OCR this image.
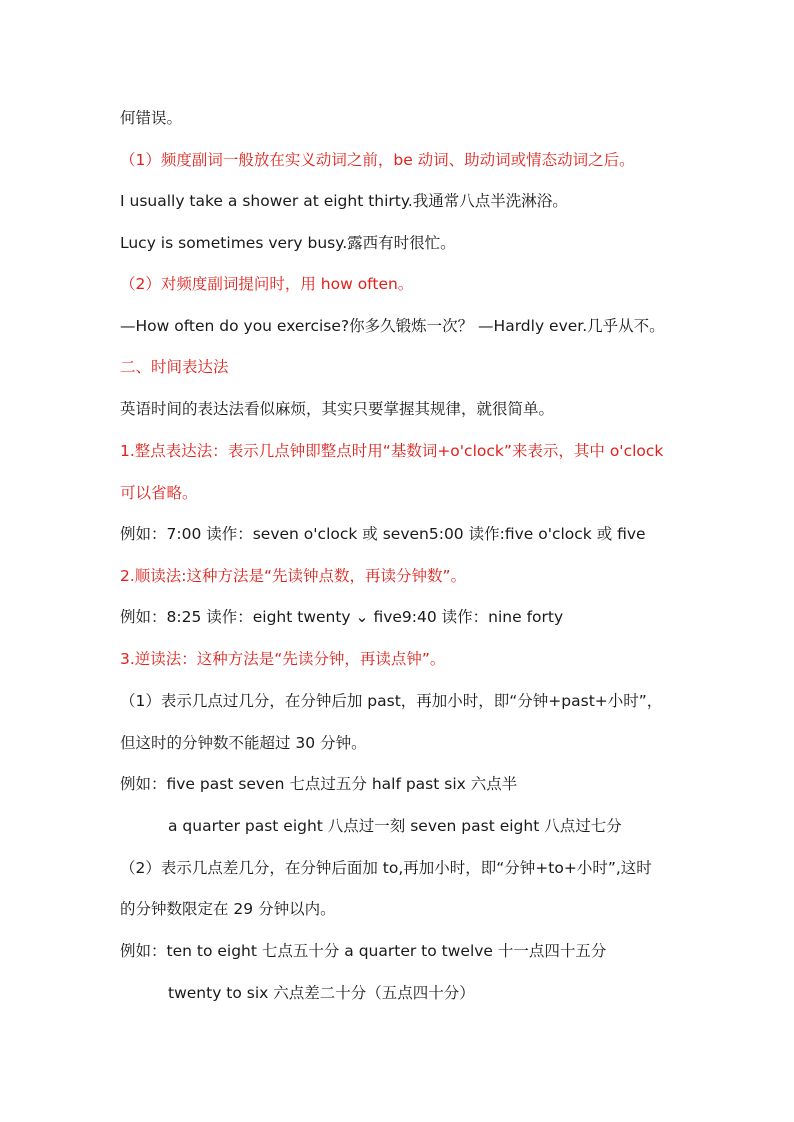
何错误。
（1）频度副词一般放在实义动词之前，be 动词、助动词或情态动词之后。
I usually take a shower at eight thirty.我通常八点半洗淋浴。
Lucy is sometimes very busy.露西有时很忙。
（2）对频度副词提问时，用 how often。
—How often do you exercise?你多久锻炼一次？ —Hardly ever.几乎从不。
二、时间表达法
英语时间的表达法看似麻烦，其实只要掌握其规律，就很简单。
1.整点表达法：表示几点钟即整点时用“基数词+o'clock”来表示，其中 o'clock
可以省略。
例如：7:00 读作：seven o'clock 或 seven5:00 读作:five o'clock 或 five
2.顺读法:这种方法是“先读钟点数，再读分钟数”。
例如：8:25 读作：eight twenty ⌄ five9:40 读作：nine forty
3.逆读法：这种方法是“先读分钟，再读点钟”。
（1）表示几点过几分，在分钟后加 past，再加小时，即“分钟+past+小时”，
但这时的分钟数不能超过 30 分钟。
例如：five past seven 七点过五分 half past six 六点半
a quarter past eight 八点过一刻 seven past eight 八点过七分
（2）表示几点差几分，在分钟后面加 to,再加小时，即“分钟+to+小时”,这时
的分钟数限定在 29 分钟以内。
例如：ten to eight 七点五十分 a quarter to twelve 十一点四十五分
twenty to six 六点差二十分（五点四十分）
